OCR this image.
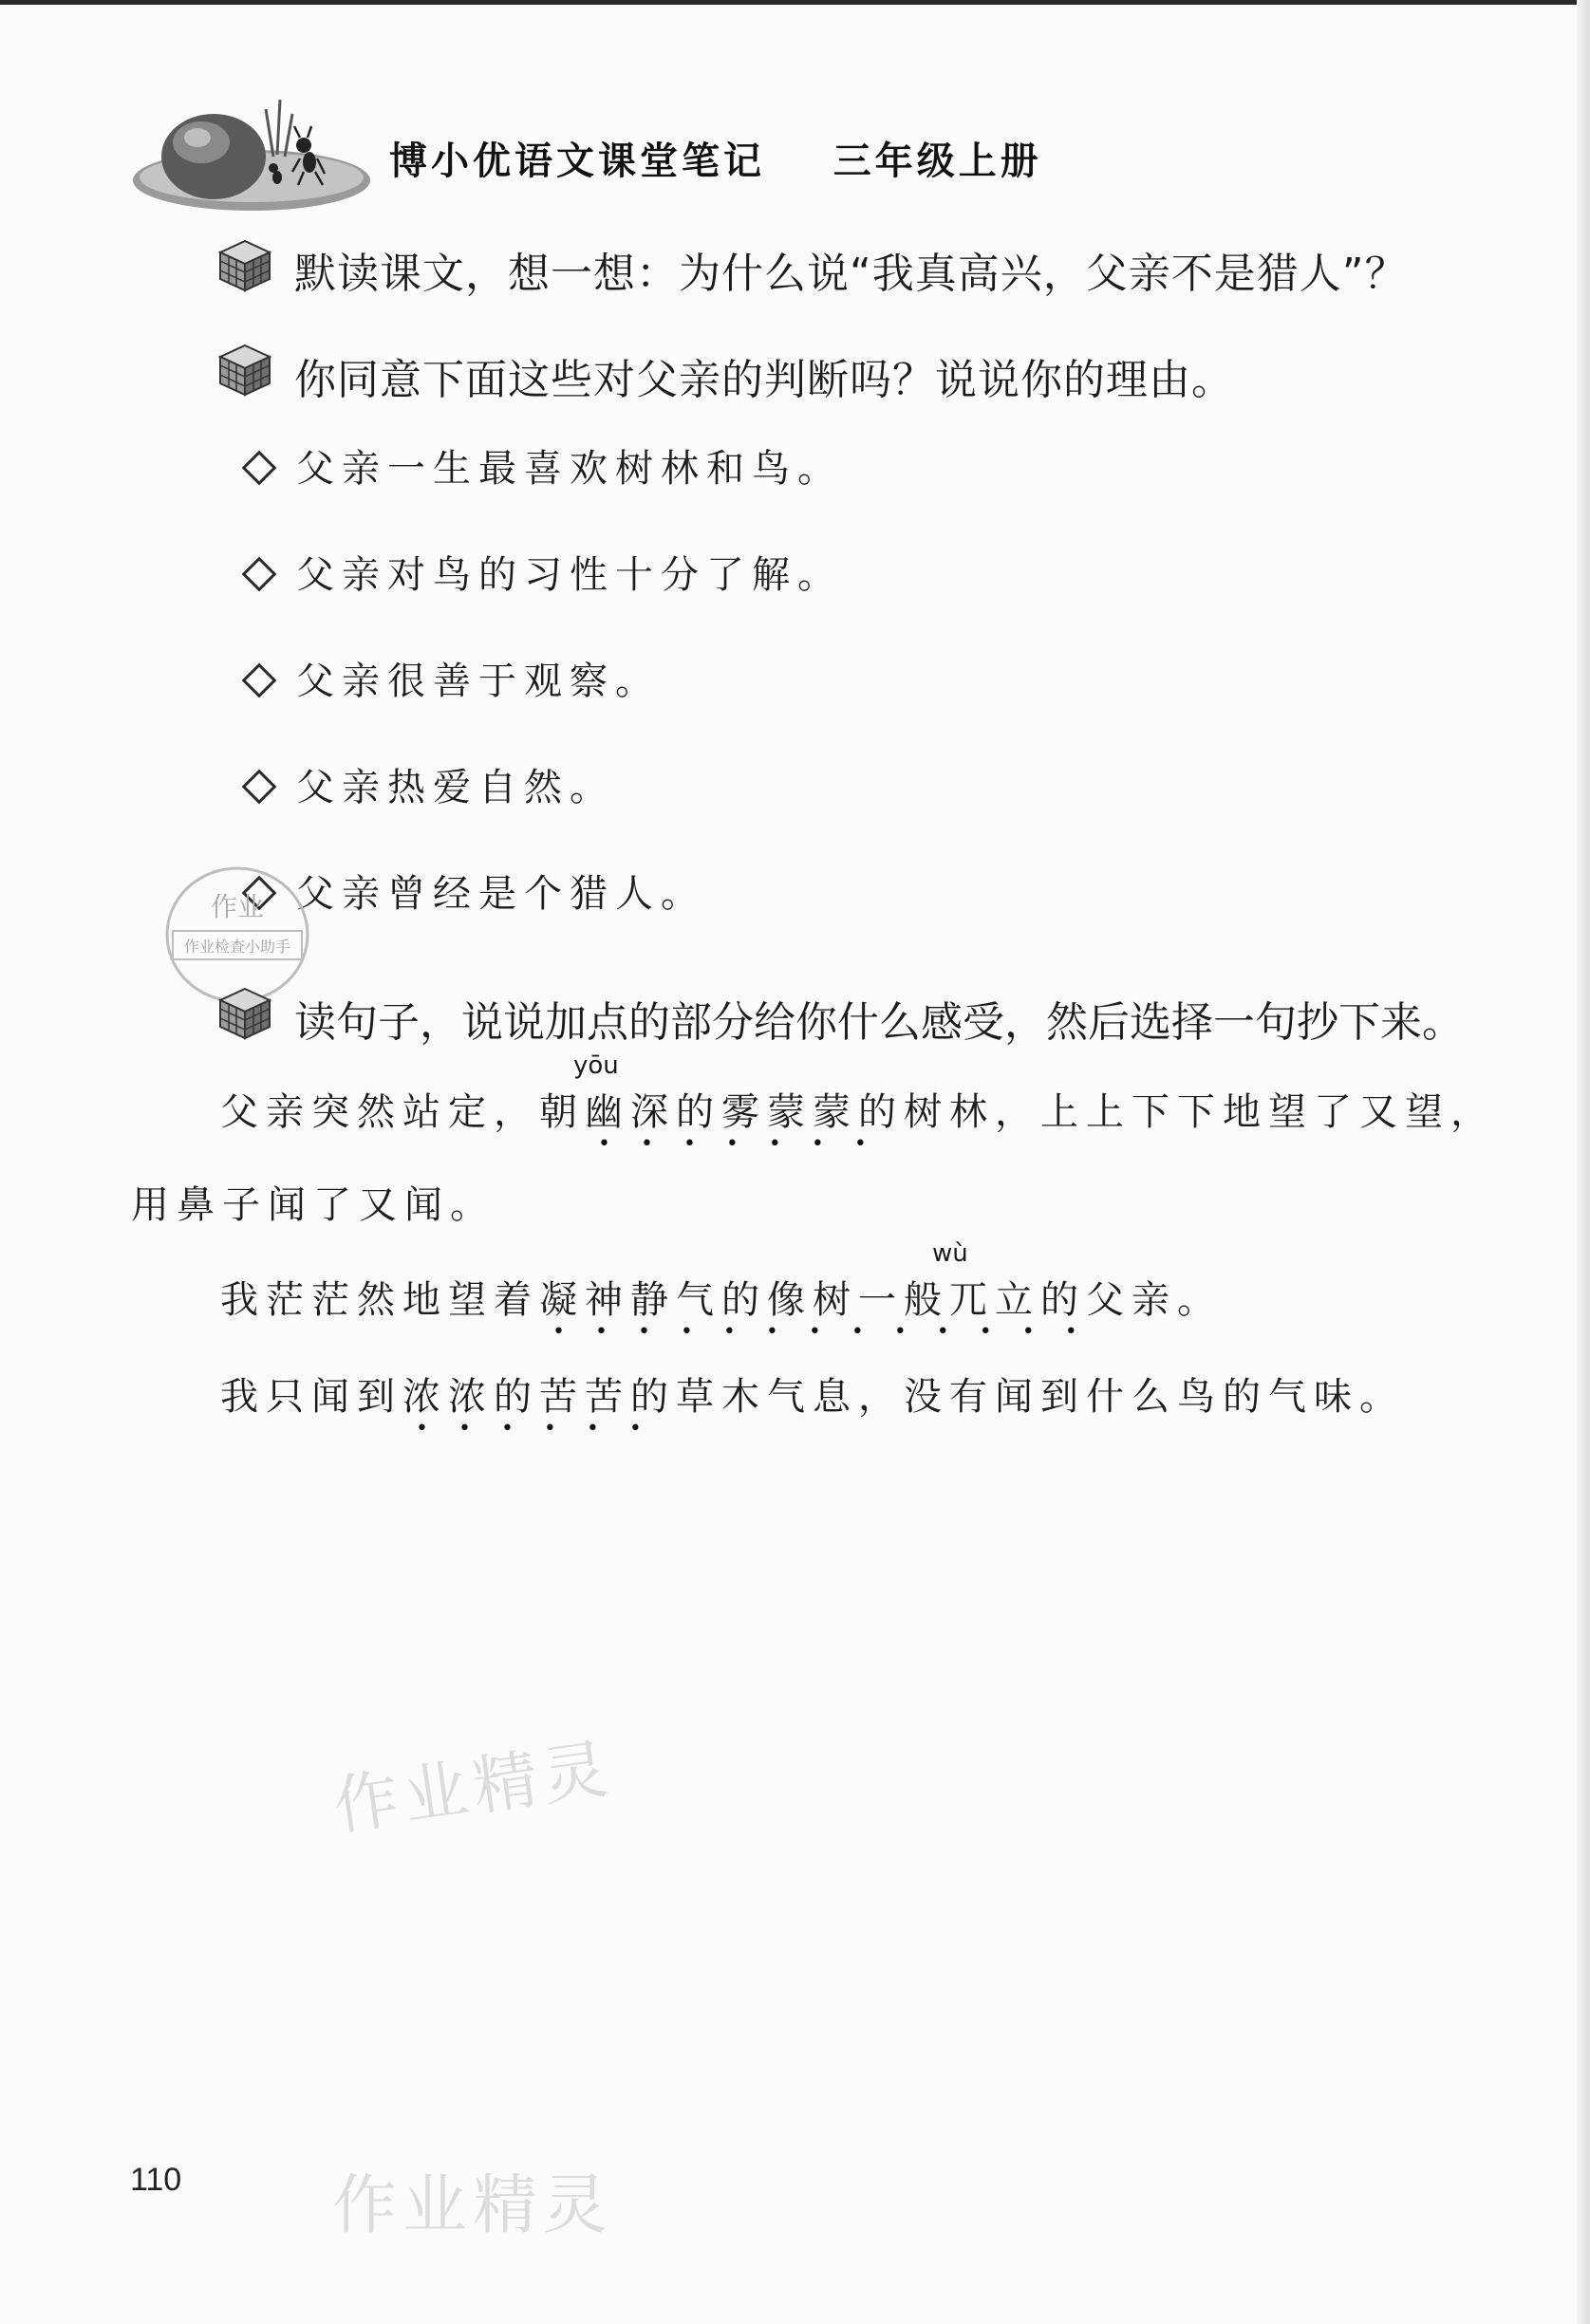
博小优语文课堂笔记    三年级上册
默读课文，想一想：为什么说“我真高兴，父亲不是猎人”？
你同意下面这些对父亲的判断吗？说说你的理由。
父亲一生最喜欢树林和鸟。
父亲对鸟的习性十分了解。
父亲很善于观察。
父亲热爱自然。
父亲曾经是个猎人。
作业
作业检查小助手
读句子，说说加点的部分给你什么感受，然后选择一句抄下来。
yōu
父亲突然站定，朝幽深的雾蒙蒙的
•••••••
树林，上上下下地望了又望，
用鼻子闻了又闻。
wù
我茫茫然地望着凝神静气的像树一般兀立的
•••••••••••••
父亲。
我只闻到浓浓的苦苦的
••••••
草木气息，没有闻到什么鸟的气味。
作业精灵
作业精灵
110
